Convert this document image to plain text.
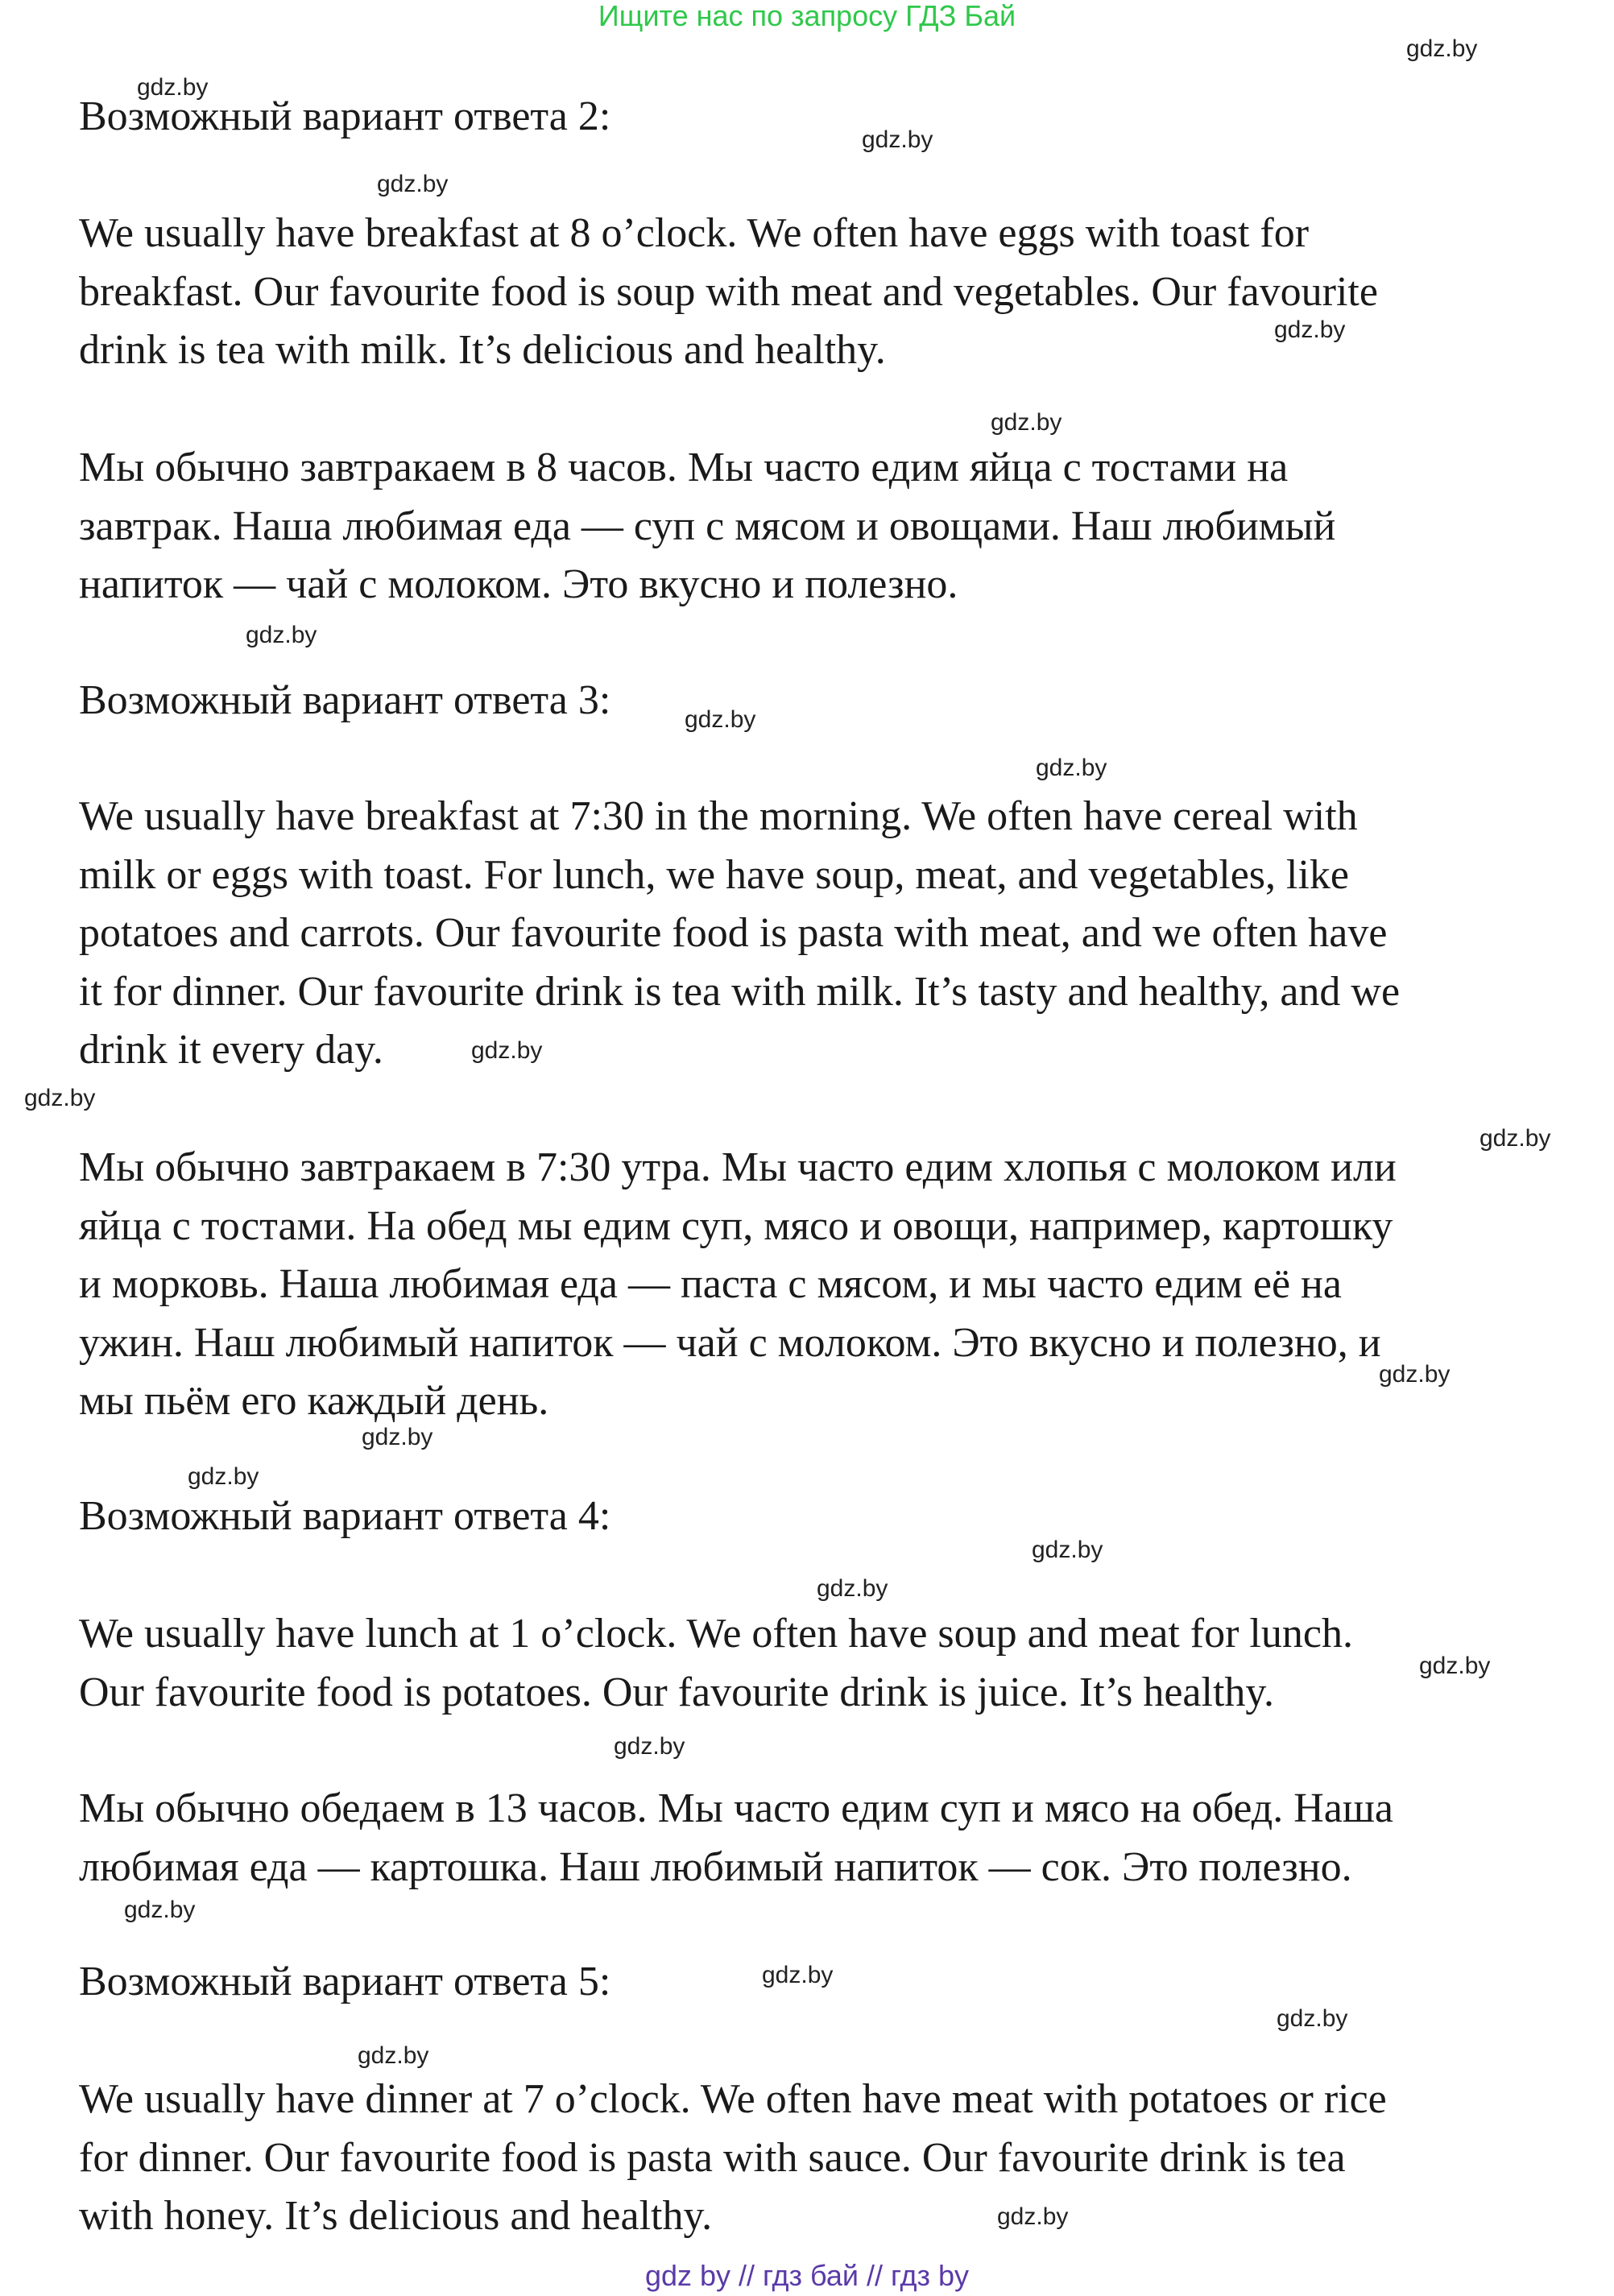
Ищите нас по запросу ГДЗ Бай
Возможный вариант ответа 2:
We usually have breakfast at 8 o’clock. We often have eggs with toast for
breakfast. Our favourite food is soup with meat and vegetables. Our favourite
drink is tea with milk. It’s delicious and healthy.
Мы обычно завтракаем в 8 часов. Мы часто едим яйца с тостами на
завтрак. Наша любимая еда — суп с мясом и овощами. Наш любимый
напиток — чай с молоком. Это вкусно и полезно.
Возможный вариант ответа 3:
We usually have breakfast at 7:30 in the morning. We often have cereal with
milk or eggs with toast. For lunch, we have soup, meat, and vegetables, like
potatoes and carrots. Our favourite food is pasta with meat, and we often have
it for dinner. Our favourite drink is tea with milk. It’s tasty and healthy, and we
drink it every day.
Мы обычно завтракаем в 7:30 утра. Мы часто едим хлопья с молоком или
яйца с тостами. На обед мы едим суп, мясо и овощи, например, картошку
и морковь. Наша любимая еда — паста с мясом, и мы часто едим её на
ужин. Наш любимый напиток — чай с молоком. Это вкусно и полезно, и
мы пьём его каждый день.
Возможный вариант ответа 4:
We usually have lunch at 1 o’clock. We often have soup and meat for lunch.
Our favourite food is potatoes. Our favourite drink is juice. It’s healthy.
Мы обычно обедаем в 13 часов. Мы часто едим суп и мясо на обед. Наша
любимая еда — картошка. Наш любимый напиток — сок. Это полезно.
Возможный вариант ответа 5:
We usually have dinner at 7 o’clock. We often have meat with potatoes or rice
for dinner. Our favourite food is pasta with sauce. Our favourite drink is tea
with honey. It’s delicious and healthy.
gdz.by
gdz.by
gdz.by
gdz.by
gdz.by
gdz.by
gdz.by
gdz.by
gdz.by
gdz.by
gdz.by
gdz.by
gdz.by
gdz.by
gdz.by
gdz.by
gdz.by
gdz.by
gdz.by
gdz.by
gdz.by
gdz.by
gdz.by
gdz.by
gdz by // гдз бай // гдз by
